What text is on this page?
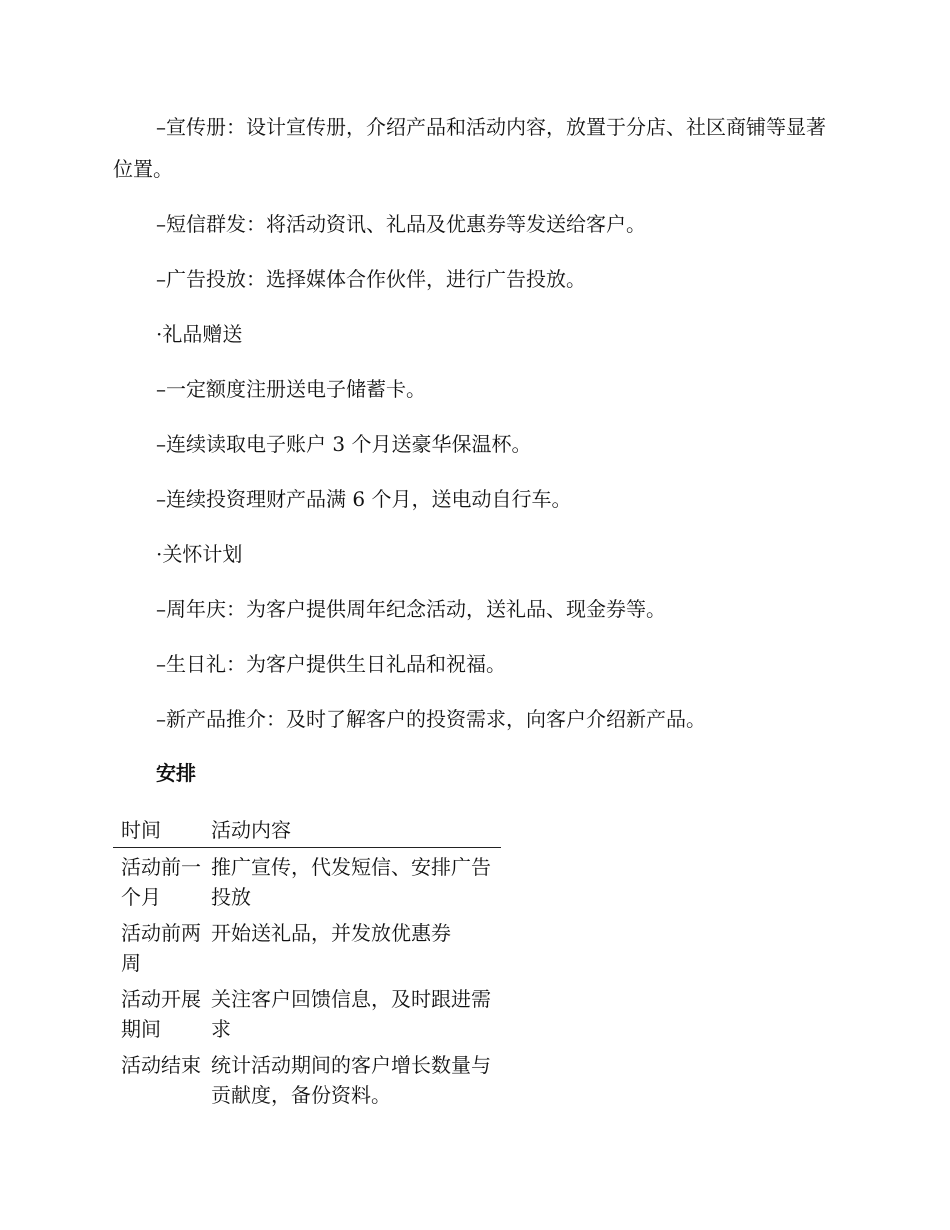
–宣传册：设计宣传册，介绍产品和活动内容，放置于分店、社区商铺等显著位置。

–短信群发：将活动资讯、礼品及优惠券等发送给客户。

–广告投放：选择媒体合作伙伴，进行广告投放。

·礼品赠送

–一定额度注册送电子储蓄卡。

–连续读取电子账户 3 个月送豪华保温杯。

–连续投资理财产品满 6 个月，送电动自行车。

·关怀计划

–周年庆：为客户提供周年纪念活动，送礼品、现金券等。

–生日礼：为客户提供生日礼品和祝福。

–新产品推介：及时了解客户的投资需求，向客户介绍新产品。

安排
时间	活动内容
活动前一个月	推广宣传，代发短信、安排广告投放
活动前两周	开始送礼品，并发放优惠券
活动开展期间	关注客户回馈信息，及时跟进需求
活动结束	统计活动期间的客户增长数量与贡献度，备份资料。
